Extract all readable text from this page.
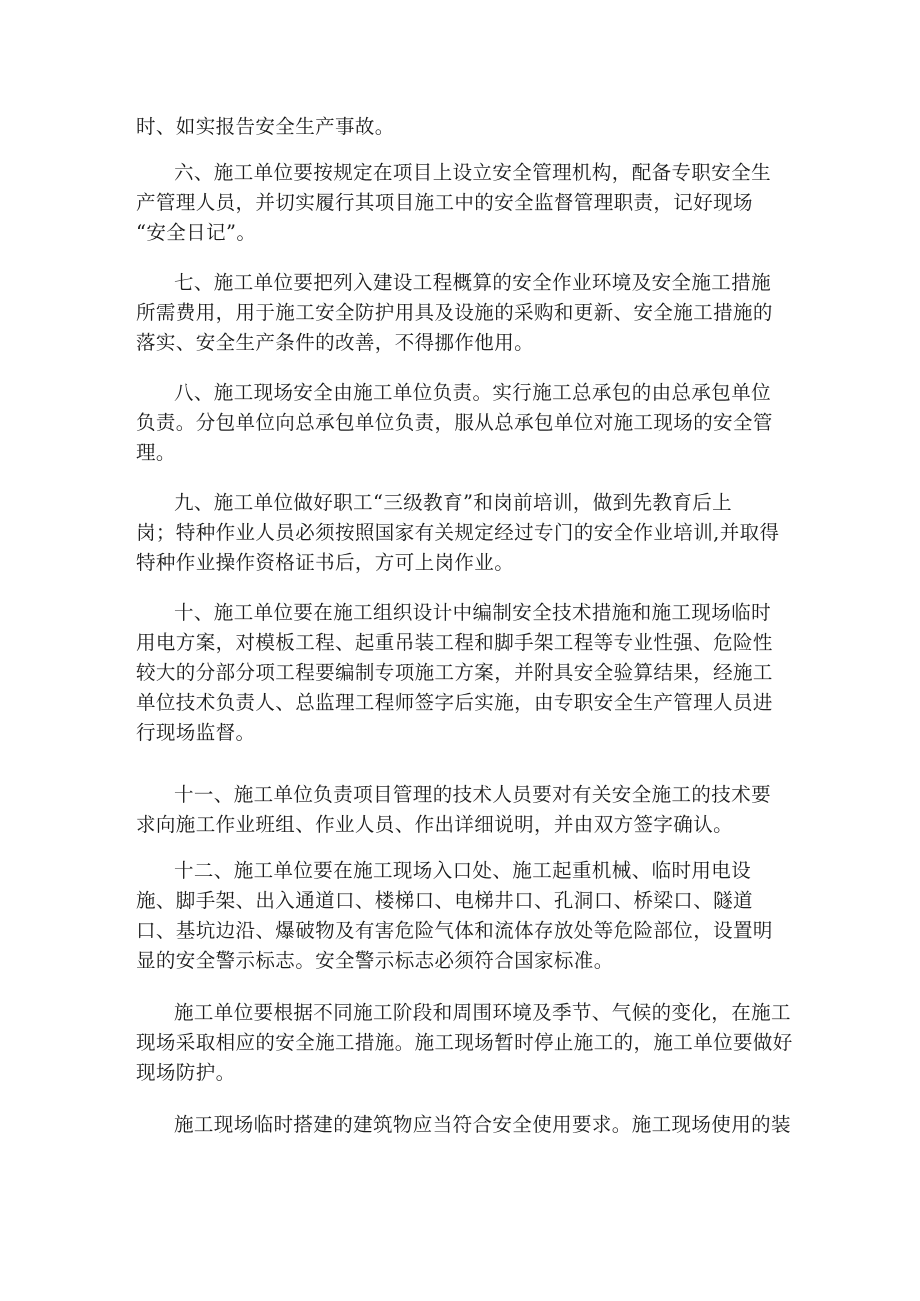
时、如实报告安全生产事故。
六、施工单位要按规定在项目上设立安全管理机构，配备专职安全生
产管理人员，并切实履行其项目施工中的安全监督管理职责，记好现场
“安全日记”。
七、施工单位要把列入建设工程概算的安全作业环境及安全施工措施
所需费用，用于施工安全防护用具及设施的采购和更新、安全施工措施的
落实、安全生产条件的改善，不得挪作他用。
八、施工现场安全由施工单位负责。实行施工总承包的由总承包单位
负责。分包单位向总承包单位负责，服从总承包单位对施工现场的安全管
理。
九、施工单位做好职工“三级教育”和岗前培训，做到先教育后上
岗；特种作业人员必须按照国家有关规定经过专门的安全作业培训,并取得
特种作业操作资格证书后，方可上岗作业。
十、施工单位要在施工组织设计中编制安全技术措施和施工现场临时
用电方案，对模板工程、起重吊装工程和脚手架工程等专业性强、危险性
较大的分部分项工程要编制专项施工方案，并附具安全验算结果，经施工
单位技术负责人、总监理工程师签字后实施，由专职安全生产管理人员进
行现场监督。
十一、施工单位负责项目管理的技术人员要对有关安全施工的技术要
求向施工作业班组、作业人员、作出详细说明，并由双方签字确认。
十二、施工单位要在施工现场入口处、施工起重机械、临时用电设
施、脚手架、出入通道口、楼梯口、电梯井口、孔洞口、桥梁口、隧道
口、基坑边沿、爆破物及有害危险气体和流体存放处等危险部位，设置明
显的安全警示标志。安全警示标志必须符合国家标准。
施工单位要根据不同施工阶段和周围环境及季节、气候的变化，在施工
现场采取相应的安全施工措施。施工现场暂时停止施工的，施工单位要做好
现场防护。
施工现场临时搭建的建筑物应当符合安全使用要求。施工现场使用的装
